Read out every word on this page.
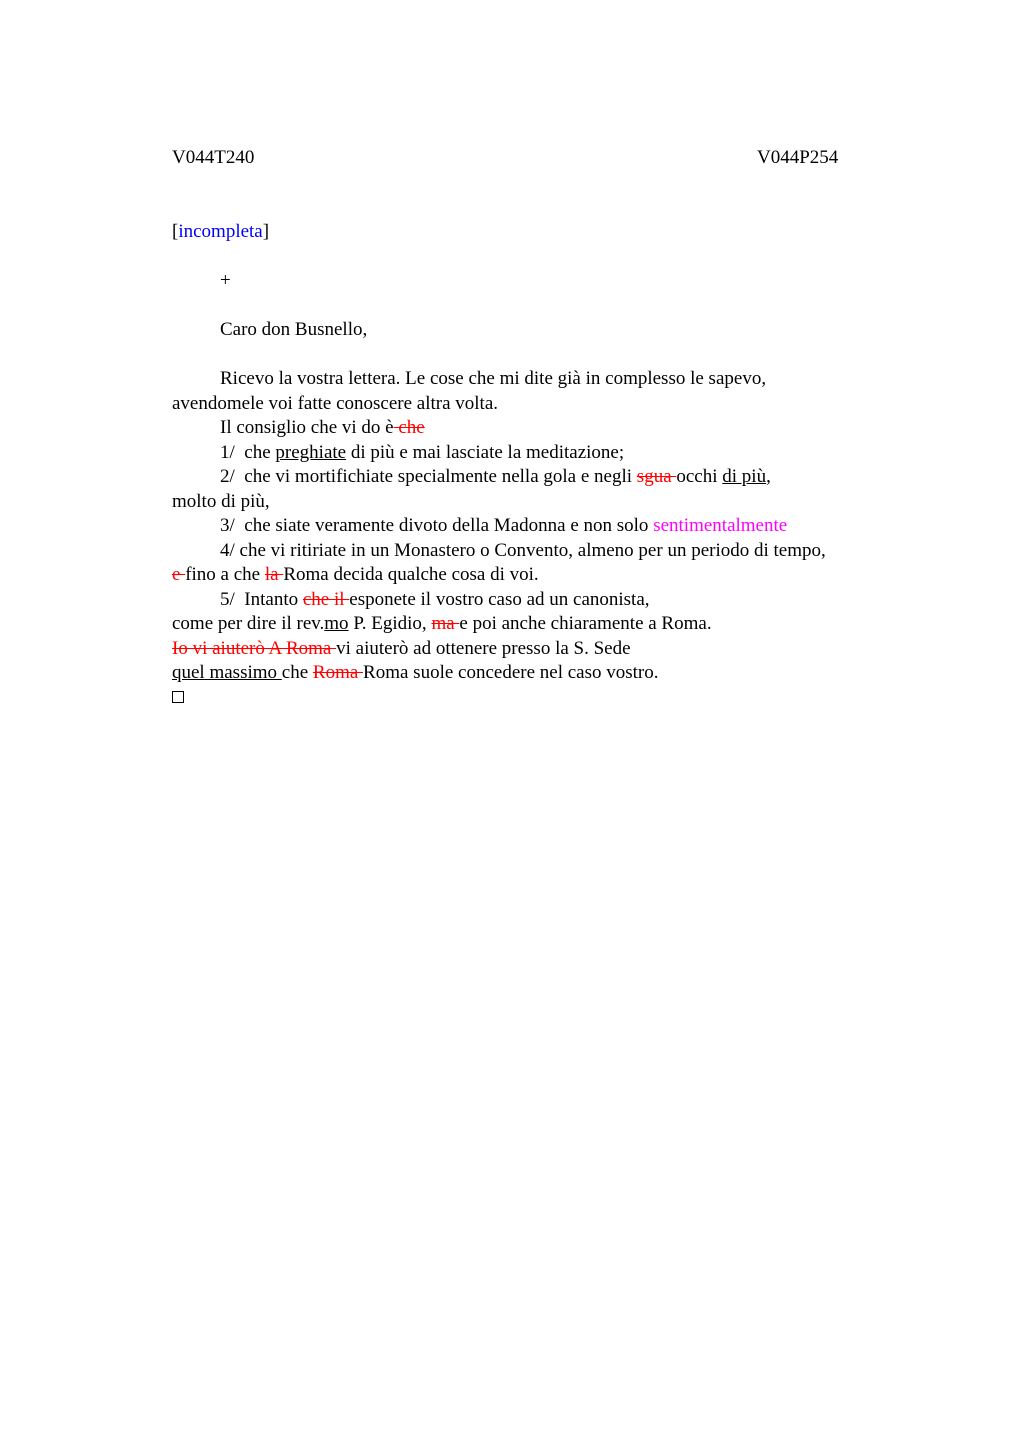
V044T240	V044P254
[incompleta]
+
Caro don Busnello,
Ricevo la vostra lettera. Le cose che mi dite già in complesso le sapevo,
avendomele voi fatte conoscere altra volta.
Il consiglio che vi do è che
1/  che preghiate di più e mai lasciate la meditazione;
2/  che vi mortifichiate specialmente nella gola e negli sgua occhi di più,
molto di più,
3/  che siate veramente divoto della Madonna e non solo sentimentalmente
4/ che vi ritiriate in un Monastero o Convento, almeno per un periodo di tempo,
e fino a che la Roma decida qualche cosa di voi.
5/  Intanto che il esponete il vostro caso ad un canonista,
come per dire il rev.mo P. Egidio, ma e poi anche chiaramente a Roma.
Io vi aiuterò A Roma vi aiuterò ad ottenere presso la S. Sede
quel massimo che Roma Roma suole concedere nel caso vostro.
